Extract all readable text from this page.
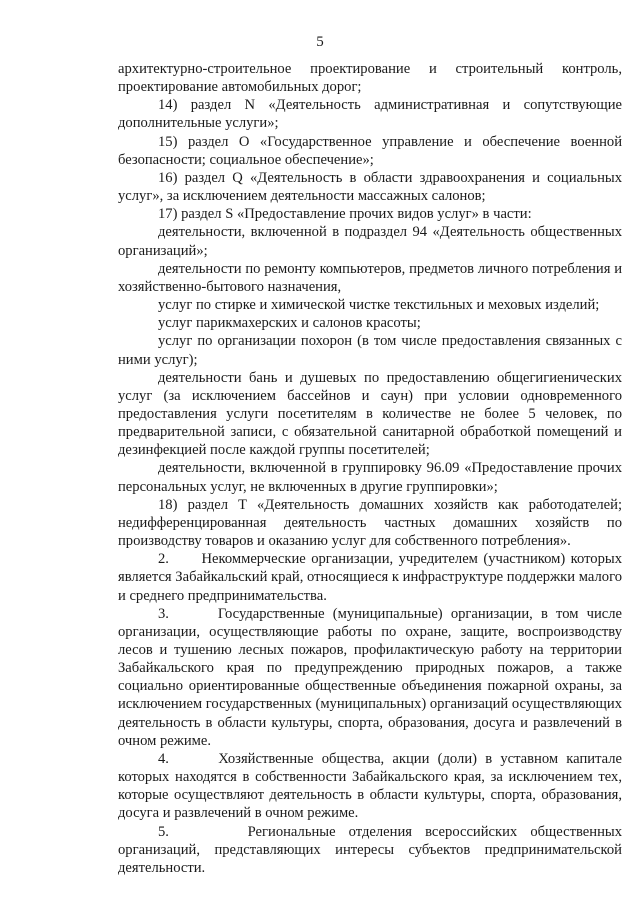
5

архитектурно-строительное проектирование и строительный контроль, проектирование автомобильных дорог;

14) раздел N «Деятельность административная и сопутствующие дополнительные услуги»;

15) раздел O «Государственное управление и обеспечение военной безопасности; социальное обеспечение»;

16) раздел Q «Деятельность в области здравоохранения и социальных услуг», за исключением деятельности массажных салонов;

17) раздел S «Предоставление прочих видов услуг» в части:

деятельности, включенной в подраздел 94 «Деятельность общественных организаций»;

деятельности по ремонту компьютеров, предметов личного потребления и хозяйственно-бытового назначения,

услуг по стирке и химической чистке текстильных и меховых изделий;

услуг парикмахерских и салонов красоты;

услуг по организации похорон (в том числе предоставления связанных с ними услуг);

деятельности бань и душевых по предоставлению общегигиенических услуг (за исключением бассейнов и саун) при условии одновременного предоставления услуги посетителям в количестве не более 5 человек, по предварительной записи, с обязательной санитарной обработкой помещений и дезинфекцией после каждой группы посетителей;

деятельности, включенной в группировку 96.09 «Предоставление прочих персональных услуг, не включенных в другие группировки»;

18) раздел T «Деятельность домашних хозяйств как работодателей; недифференцированная деятельность частных домашних хозяйств по производству товаров и оказанию услуг для собственного потребления».

2.      Некоммерческие организации, учредителем (участником) которых является Забайкальский край, относящиеся к инфраструктуре поддержки малого и среднего предпринимательства.

3.      Государственные (муниципальные) организации, в том числе организации, осуществляющие работы по охране, защите, воспроизводству лесов и тушению лесных пожаров, профилактическую работу на территории Забайкальского края по предупреждению природных пожаров, а также социально ориентированные общественные объединения пожарной охраны, за исключением государственных (муниципальных) организаций осуществляющих деятельность в области культуры, спорта, образования, досуга и развлечений в очном режиме.

4.      Хозяйственные общества, акции (доли) в уставном капитале которых находятся в собственности Забайкальского края, за исключением тех, которые осуществляют деятельность в области культуры, спорта, образования, досуга и развлечений в очном режиме.

5.      Региональные отделения всероссийских общественных организаций, представляющих интересы субъектов предпринимательской деятельности.
